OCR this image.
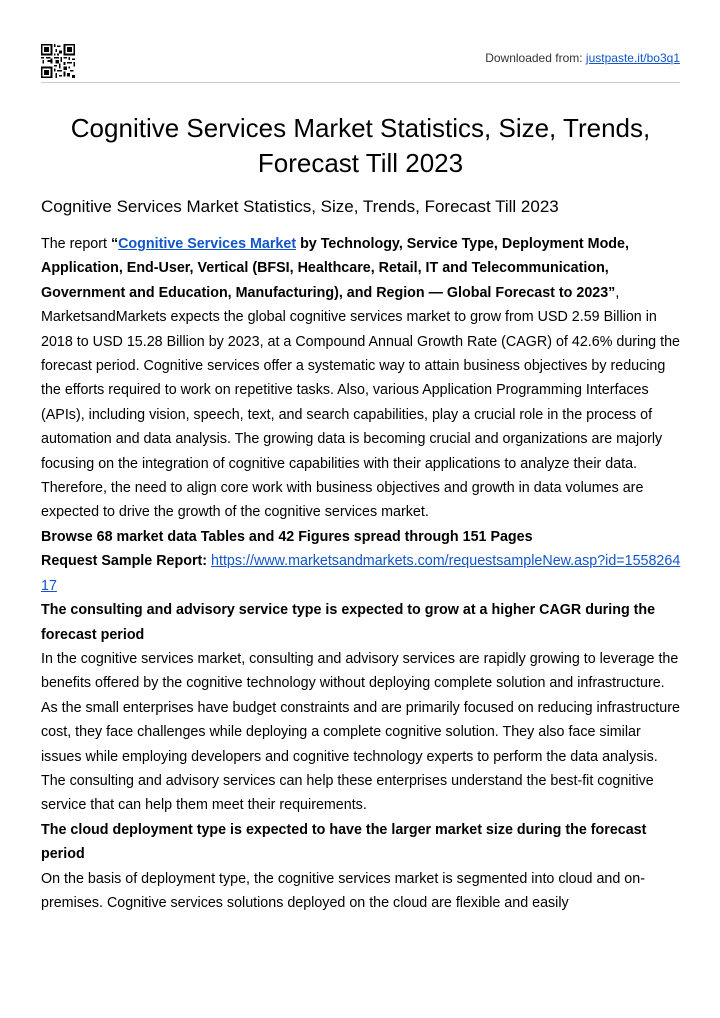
Downloaded from: justpaste.it/bo3q1
Cognitive Services Market Statistics, Size, Trends, Forecast Till 2023
Cognitive Services Market Statistics, Size, Trends, Forecast Till 2023

The report “Cognitive Services Market by Technology, Service Type, Deployment Mode, Application, End-User, Vertical (BFSI, Healthcare, Retail, IT and Telecommunication, Government and Education, Manufacturing), and Region — Global Forecast to 2023”, MarketsandMarkets expects the global cognitive services market to grow from USD 2.59 Billion in 2018 to USD 15.28 Billion by 2023, at a Compound Annual Growth Rate (CAGR) of 42.6% during the forecast period. Cognitive services offer a systematic way to attain business objectives by reducing the efforts required to work on repetitive tasks. Also, various Application Programming Interfaces (APIs), including vision, speech, text, and search capabilities, play a crucial role in the process of automation and data analysis. The growing data is becoming crucial and organizations are majorly focusing on the integration of cognitive capabilities with their applications to analyze their data. Therefore, the need to align core work with business objectives and growth in data volumes are expected to drive the growth of the cognitive services market.

Browse 68 market data Tables and 42 Figures spread through 151 Pages

Request Sample Report: https://www.marketsandmarkets.com/requestsampleNew.asp?id=155826417

The consulting and advisory service type is expected to grow at a higher CAGR during the forecast period

In the cognitive services market, consulting and advisory services are rapidly growing to leverage the benefits offered by the cognitive technology without deploying complete solution and infrastructure. As the small enterprises have budget constraints and are primarily focused on reducing infrastructure cost, they face challenges while deploying a complete cognitive solution. They also face similar issues while employing developers and cognitive technology experts to perform the data analysis. The consulting and advisory services can help these enterprises understand the best-fit cognitive service that can help them meet their requirements.

The cloud deployment type is expected to have the larger market size during the forecast period

On the basis of deployment type, the cognitive services market is segmented into cloud and on-premises. Cognitive services solutions deployed on the cloud are flexible and easily
